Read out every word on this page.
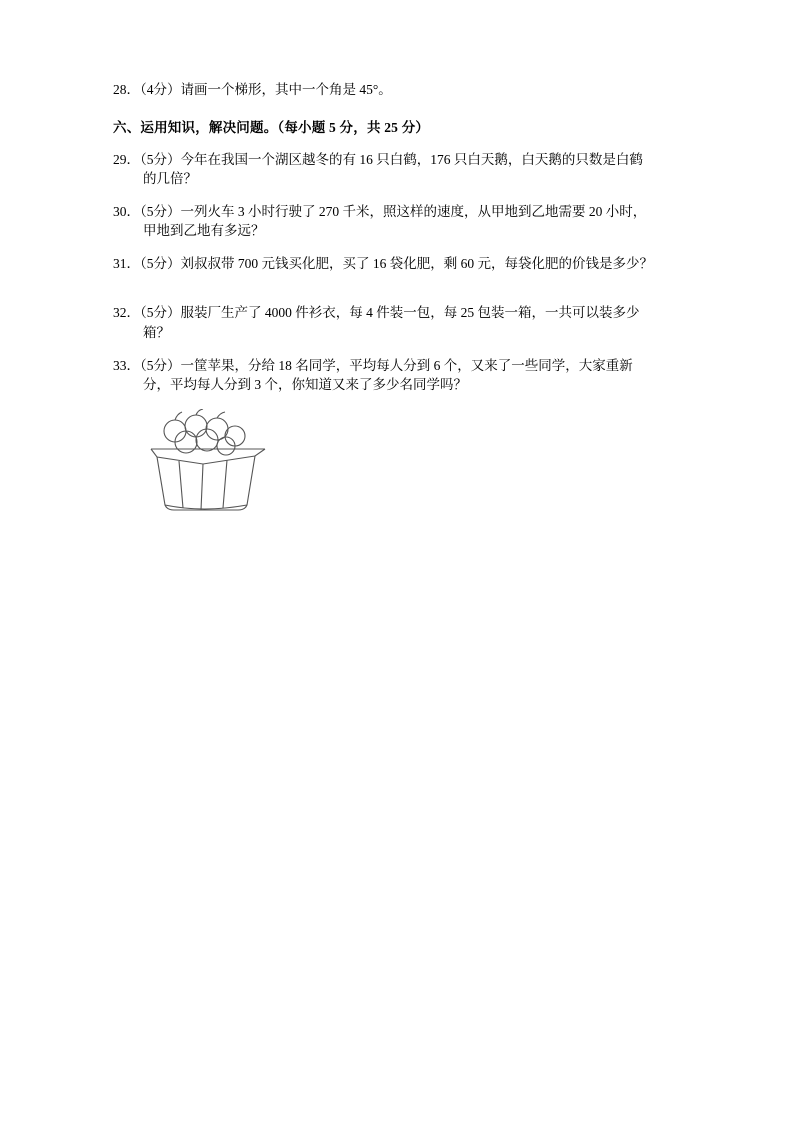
28．（4分）请画一个梯形，其中一个角是 45°。
六、运用知识，解决问题。（每小题 5 分，共 25 分）
29．（5分）今年在我国一个湖区越冬的有 16 只白鹤，176 只白天鹅，白天鹅的只数是白鹤
的几倍？
30．（5分）一列火车 3 小时行驶了 270 千米，照这样的速度，从甲地到乙地需要 20 小时，
甲地到乙地有多远？
31．（5分）刘叔叔带 700 元钱买化肥，买了 16 袋化肥，剩 60 元，每袋化肥的价钱是多少？
32．（5分）服装厂生产了 4000 件衫衣，每 4 件装一包，每 25 包装一箱，一共可以装多少
箱？
33．（5分）一筐苹果，分给 18 名同学，平均每人分到 6 个，又来了一些同学，大家重新
分，平均每人分到 3 个，你知道又来了多少名同学吗？
